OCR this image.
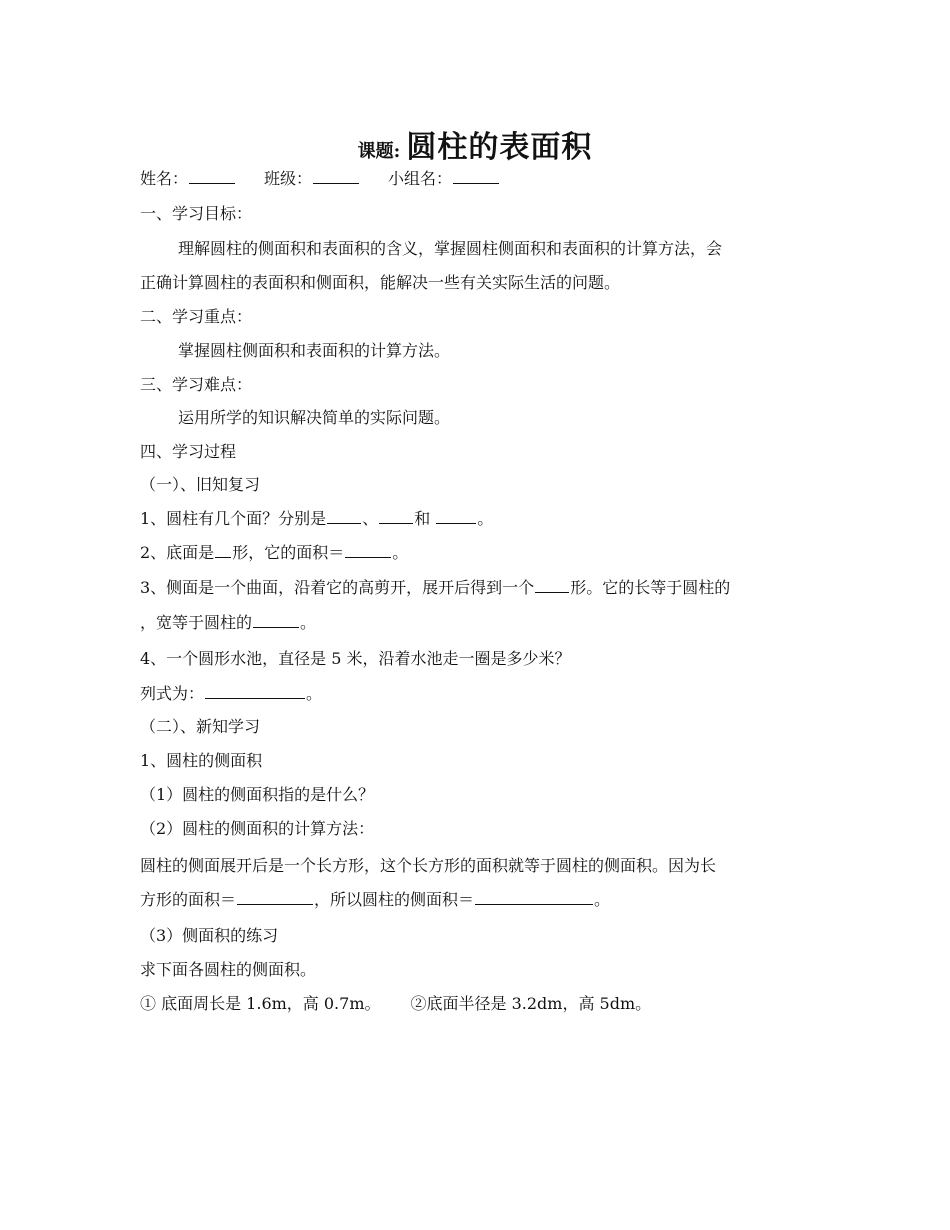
课题: 圆柱的表面积
姓名：	班级：	小组名：
一、学习目标：
理解圆柱的侧面积和表面积的含义，掌握圆柱侧面积和表面积的计算方法，会
正确计算圆柱的表面积和侧面积，能解决一些有关实际生活的问题。
二、学习重点：
掌握圆柱侧面积和表面积的计算方法。
三、学习难点：
运用所学的知识解决简单的实际问题。
四、学习过程
（一）、旧知复习
1、圆柱有几个面？分别是 、 和	。
2、底面是 形，它的面积＝	。
3、侧面是一个曲面，沿着它的高剪开，展开后得到一个 形。它的长等于圆柱的
，宽等于圆柱的	。
4、一个圆形水池，直径是 5 米，沿着水池走一圈是多少米？
列式为：	。
（二）、新知学习
1、圆柱的侧面积
（1）圆柱的侧面积指的是什么？
（2）圆柱的侧面积的计算方法：
圆柱的侧面展开后是一个长方形，这个长方形的面积就等于圆柱的侧面积。因为长
方形的面积＝	，所以圆柱的侧面积＝	。
（3）侧面积的练习
求下面各圆柱的侧面积。
① 底面周长是 1.6m，高 0.7m。 ②底面半径是 3.2dm，高 5dm。
